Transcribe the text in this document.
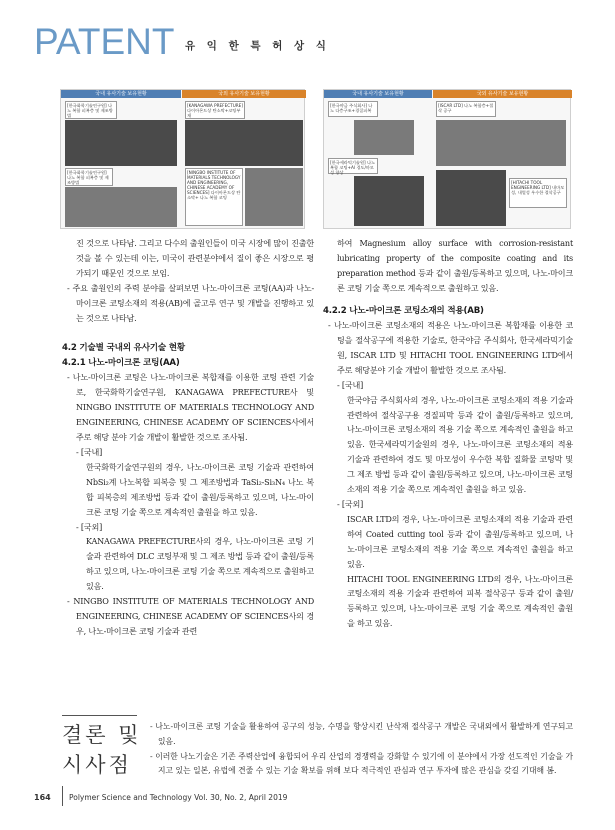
PATENT 유 익 한 특 허 상 식
국내 유사기술 보유현황	국외 유사기술 보유현황
[한국화학기술연구원] 나노 복합 피복층 및 제조방법
[한국화학기술연구원] 나노 복합 피복층 및 제조방법
[KANAGAWA PREFECTURE] 다이아몬드상 탄소막+코팅부재
[NINGBO INSTITUTE OF MATERIALS TECHNOLOGY AND ENGINEERING, CHINESE ACADEMY OF SCIENCES] 다이아몬드상 탄소막+ 나노 복합 코팅
국내 유사기술 보유현황	국외 유사기술 보유현황
[한국야금 주식회사] 나노 다층구조+경질피복
[한국세라믹기술원] 나노 복합 코팅+Al 경도/마모성 향상
[ISCAR LTD] 나노 복합층+절삭 공구
[HITACHI TOOL ENGINEERING LTD] 내마모성, 내열성 우수한 절삭공구
진 것으로 나타남. 그리고 다수의 출원인들이 미국 시장에 많이 진출한 것을 볼 수 있는데 이는, 미국이 관련분야에서 질이 좋은 시장으로 평가되기 때문인 것으로 보임.
- 주요 출원인의 주력 분야를 살펴보면 나노-마이크론 코팅(AA)과 나노-마이크론 코팅소재의 적용(AB)에 골고루 연구 및 개발을 진행하고 있는 것으로 나타남.
4.2 기술별 국내외 유사기술 현황
4.2.1 나노-마이크론 코팅(AA)
- 나노-마이크론 코팅은 나노-마이크론 복합재를 이용한 코팅 관련 기술로, 한국화학기술연구원, KANAGAWA PREFECTURE사 및 NINGBO INSTITUTE OF MATERIALS TECHNOLOGY AND ENGINEERING, CHINESE ACADEMY OF SCIENCES사에서 주로 해당 분야 기술 개발이 활발한 것으로 조사됨.
- [국내]
한국화학기술연구원의 경우, 나노-마이크론 코팅 기술과 관련하여 NbSi₂계 나노복합 피복층 및 그 제조방법과 TaSi₂-Si₃N₄ 나노 복합 피복층의 제조방법 등과 같이 출원/등록하고 있으며, 나노-마이크론 코팅 기술 쪽으로 계속적인 출원을 하고 있음.
- [국외]
KANAGAWA PREFECTURE사의 경우, 나노-마이크론 코팅 기술과 관련하여 DLC 코팅부재 및 그 제조 방법 등과 같이 출원/등록하고 있으며, 나노-마이크론 코팅 기술 쪽으로 계속적으로 출원하고 있음.
- NINGBO INSTITUTE OF MATERIALS TECHNOLOGY AND ENGINEERING, CHINESE ACADEMY OF SCIENCES사의 경우, 나노-마이크론 코팅 기술과 관련
하여 Magnesium alloy surface with corrosion-resistant lubricating property of the composite coating and its preparation method 등과 같이 출원/등록하고 있으며, 나노-마이크론 코팅 기술 쪽으로 계속적으로 출원하고 있음.
4.2.2 나노-마이크론 코팅소재의 적용(AB)
- 나노-마이크론 코팅소재의 적용은 나노-마이크론 복합재를 이용한 코팅을 절삭공구에 적용한 기술로, 한국야금 주식회사, 한국세라믹기술원, ISCAR LTD 및 HITACHI TOOL ENGINEERING LTD에서 주로 해당분야 기술 개발이 활발한 것으로 조사됨.
- [국내]
한국야금 주식회사의 경우, 나노-마이크론 코팅소재의 적용 기술과 관련하여 절삭공구용 경질피막 등과 같이 출원/등록하고 있으며, 나노-마이크론 코팅소재의 적용 기술 쪽으로 계속적인 출원을 하고 있음. 한국세라믹기술원의 경우, 나노-마이크론 코팅소재의 적용 기술과 관련하여 경도 및 마모성이 우수한 복합 질화물 코팅막 및 그 제조 방법 등과 같이 출원/등록하고 있으며, 나노-마이크론 코팅소재의 적용 기술 쪽으로 계속적인 출원을 하고 있음.
- [국외]
ISCAR LTD의 경우, 나노-마이크론 코팅소재의 적용 기술과 관련하여 Coated cutting tool 등과 같이 출원/등록하고 있으며, 나노-마이크론 코팅소재의 적용 기술 쪽으로 계속적인 출원을 하고 있음.
HITACHI TOOL ENGINEERING LTD의 경우, 나노-마이크론 코팅소재의 적용 기술과 관련하여 피복 절삭공구 등과 같이 출원/등록하고 있으며, 나노-마이크론 코팅 기술 쪽으로 계속적인 출원을 하고 있음.
결론 및
시사점
- 나노-마이크론 코팅 기술을 활용하여 공구의 성능, 수명을 향상시킨 난삭재 절삭공구 개발은 국내외에서 활발하게 연구되고 있음.
- 이러한 나노기술은 기존 주력산업에 융합되어 우리 산업의 경쟁력을 강화할 수 있기에 이 분야에서 가장 선도적인 기술을 가지고 있는 일본, 유럽에 견줄 수 있는 기술 확보를 위해 보다 적극적인 관심과 연구 투자에 많은 관심을 갖길 기대해 봄.
164 Polymer Science and Technology Vol. 30, No. 2, April 2019
